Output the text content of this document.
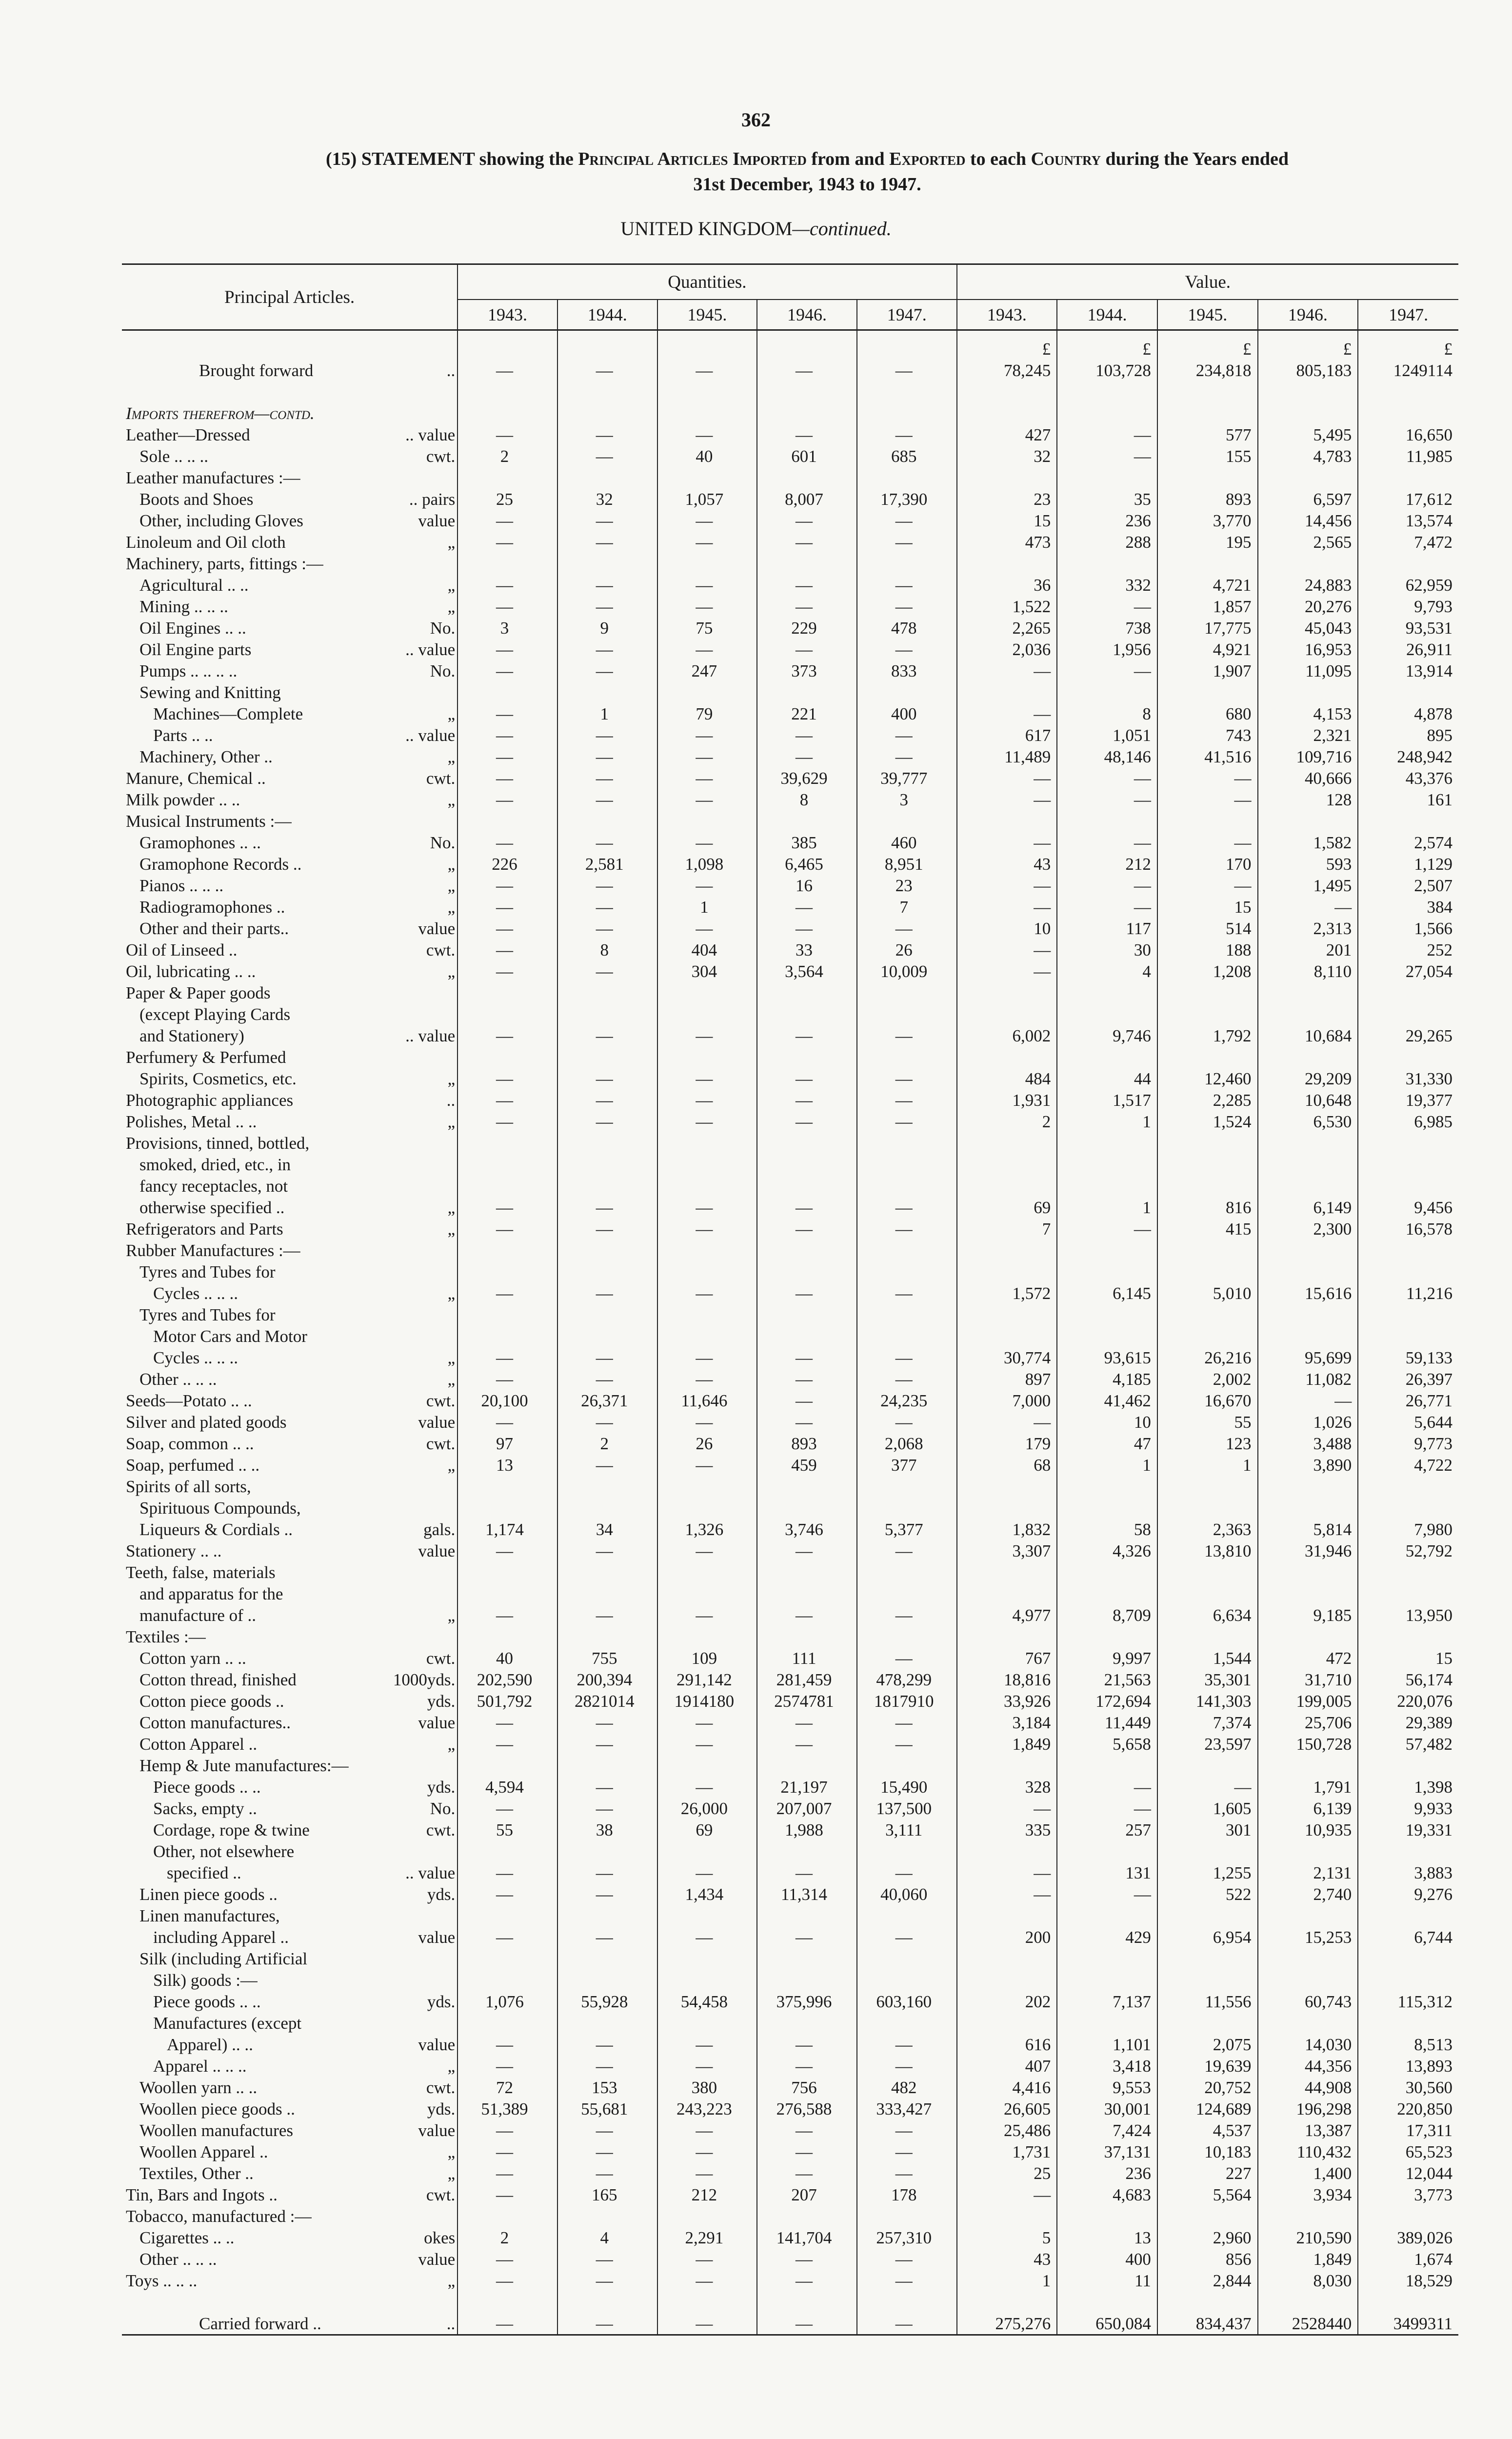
362
(15) STATEMENT showing the Principal Articles Imported from and Exported to each Country during the Years ended
31st December, 1943 to 1947.
UNITED KINGDOM—continued.
Principal Articles.	Quantities.					Value.				
	1943.	1944.	1945.	1946.	1947.	1943.	1944.	1945.	1946.	1947.
						£	£	£	£	£

Brought forward ..	—	—	—	—	—	78,245	103,728	234,818	805,183	1249114

Imports therefrom—contd.										

Leather—Dressed .. value	—	—	—	—	—	427	—	577	5,495	16,650

Sole .. .. .. cwt.	2	—	40	601	685	32	—	155	4,783	11,985

Leather manufactures :—										

Boots and Shoes .. pairs	25	32	1,057	8,007	17,390	23	35	893	6,597	17,612

Other, including Gloves value	—	—	—	—	—	15	236	3,770	14,456	13,574

Linoleum and Oil cloth „	—	—	—	—	—	473	288	195	2,565	7,472

Machinery, parts, fittings :—										

Agricultural .. .. „	—	—	—	—	—	36	332	4,721	24,883	62,959

Mining .. .. .. „	—	—	—	—	—	1,522	—	1,857	20,276	9,793

Oil Engines .. .. No.	3	9	75	229	478	2,265	738	17,775	45,043	93,531

Oil Engine parts .. value	—	—	—	—	—	2,036	1,956	4,921	16,953	26,911

Pumps .. .. .. .. No.	—	—	247	373	833	—	—	1,907	11,095	13,914

Sewing and Knitting										

Machines—Complete „	—	1	79	221	400	—	8	680	4,153	4,878

Parts .. .. .. value	—	—	—	—	—	617	1,051	743	2,321	895

Machinery, Other .. „	—	—	—	—	—	11,489	48,146	41,516	109,716	248,942

Manure, Chemical .. cwt.	—	—	—	39,629	39,777	—	—	—	40,666	43,376

Milk powder .. .. „	—	—	—	8	3	—	—	—	128	161

Musical Instruments :—										

Gramophones .. .. No.	—	—	—	385	460	—	—	—	1,582	2,574

Gramophone Records .. „	226	2,581	1,098	6,465	8,951	43	212	170	593	1,129

Pianos .. .. .. „	—	—	—	16	23	—	—	—	1,495	2,507

Radiogramophones .. „	—	—	1	—	7	—	—	15	—	384

Other and their parts.. value	—	—	—	—	—	10	117	514	2,313	1,566

Oil of Linseed .. cwt.	—	8	404	33	26	—	30	188	201	252

Oil, lubricating .. .. „	—	—	304	3,564	10,009	—	4	1,208	8,110	27,054

Paper & Paper goods										

(except Playing Cards										

and Stationery) .. value	—	—	—	—	—	6,002	9,746	1,792	10,684	29,265

Perfumery & Perfumed										

Spirits, Cosmetics, etc. „	—	—	—	—	—	484	44	12,460	29,209	31,330

Photographic appliances ..	—	—	—	—	—	1,931	1,517	2,285	10,648	19,377

Polishes, Metal .. .. „	—	—	—	—	—	2	1	1,524	6,530	6,985

Provisions, tinned, bottled,										

smoked, dried, etc., in										

fancy receptacles, not										

otherwise specified .. „	—	—	—	—	—	69	1	816	6,149	9,456

Refrigerators and Parts „	—	—	—	—	—	7	—	415	2,300	16,578

Rubber Manufactures :—										

Tyres and Tubes for										

Cycles .. .. .. „	—	—	—	—	—	1,572	6,145	5,010	15,616	11,216

Tyres and Tubes for										

Motor Cars and Motor										

Cycles .. .. .. „	—	—	—	—	—	30,774	93,615	26,216	95,699	59,133

Other .. .. .. „	—	—	—	—	—	897	4,185	2,002	11,082	26,397

Seeds—Potato .. .. cwt.	20,100	26,371	11,646	—	24,235	7,000	41,462	16,670	—	26,771

Silver and plated goods value	—	—	—	—	—	—	10	55	1,026	5,644

Soap, common .. .. cwt.	97	2	26	893	2,068	179	47	123	3,488	9,773

Soap, perfumed .. .. „	13	—	—	459	377	68	1	1	3,890	4,722

Spirits of all sorts,										

Spirituous Compounds,										

Liqueurs & Cordials .. gals.	1,174	34	1,326	3,746	5,377	1,832	58	2,363	5,814	7,980

Stationery .. .. value	—	—	—	—	—	3,307	4,326	13,810	31,946	52,792

Teeth, false, materials										

and apparatus for the										

manufacture of .. „	—	—	—	—	—	4,977	8,709	6,634	9,185	13,950

Textiles :—										

Cotton yarn .. .. cwt.	40	755	109	111	—	767	9,997	1,544	472	15

Cotton thread, finished 1000yds.	202,590	200,394	291,142	281,459	478,299	18,816	21,563	35,301	31,710	56,174

Cotton piece goods .. yds.	501,792	2821014	1914180	2574781	1817910	33,926	172,694	141,303	199,005	220,076

Cotton manufactures.. value	—	—	—	—	—	3,184	11,449	7,374	25,706	29,389

Cotton Apparel .. „	—	—	—	—	—	1,849	5,658	23,597	150,728	57,482

Hemp & Jute manufactures:—										

Piece goods .. .. yds.	4,594	—	—	21,197	15,490	328	—	—	1,791	1,398

Sacks, empty .. No.	—	—	26,000	207,007	137,500	—	—	1,605	6,139	9,933

Cordage, rope & twine cwt.	55	38	69	1,988	3,111	335	257	301	10,935	19,331

Other, not elsewhere										

specified .. .. value	—	—	—	—	—	—	131	1,255	2,131	3,883

Linen piece goods .. yds.	—	—	1,434	11,314	40,060	—	—	522	2,740	9,276

Linen manufactures,										

including Apparel .. value	—	—	—	—	—	200	429	6,954	15,253	6,744

Silk (including Artificial										

Silk) goods :—										

Piece goods .. .. yds.	1,076	55,928	54,458	375,996	603,160	202	7,137	11,556	60,743	115,312

Manufactures (except										

Apparel) .. .. value	—	—	—	—	—	616	1,101	2,075	14,030	8,513

Apparel .. .. .. „	—	—	—	—	—	407	3,418	19,639	44,356	13,893

Woollen yarn .. .. cwt.	72	153	380	756	482	4,416	9,553	20,752	44,908	30,560

Woollen piece goods .. yds.	51,389	55,681	243,223	276,588	333,427	26,605	30,001	124,689	196,298	220,850

Woollen manufactures value	—	—	—	—	—	25,486	7,424	4,537	13,387	17,311

Woollen Apparel .. „	—	—	—	—	—	1,731	37,131	10,183	110,432	65,523

Textiles, Other .. „	—	—	—	—	—	25	236	227	1,400	12,044

Tin, Bars and Ingots .. cwt.	—	165	212	207	178	—	4,683	5,564	3,934	3,773

Tobacco, manufactured :—										

Cigarettes .. .. okes	2	4	2,291	141,704	257,310	5	13	2,960	210,590	389,026

Other .. .. .. value	—	—	—	—	—	43	400	856	1,849	1,674

Toys .. .. .. „	—	—	—	—	—	1	11	2,844	8,030	18,529

Carried forward .. ..	—	—	—	—	—	275,276	650,084	834,437	2528440	3499311
